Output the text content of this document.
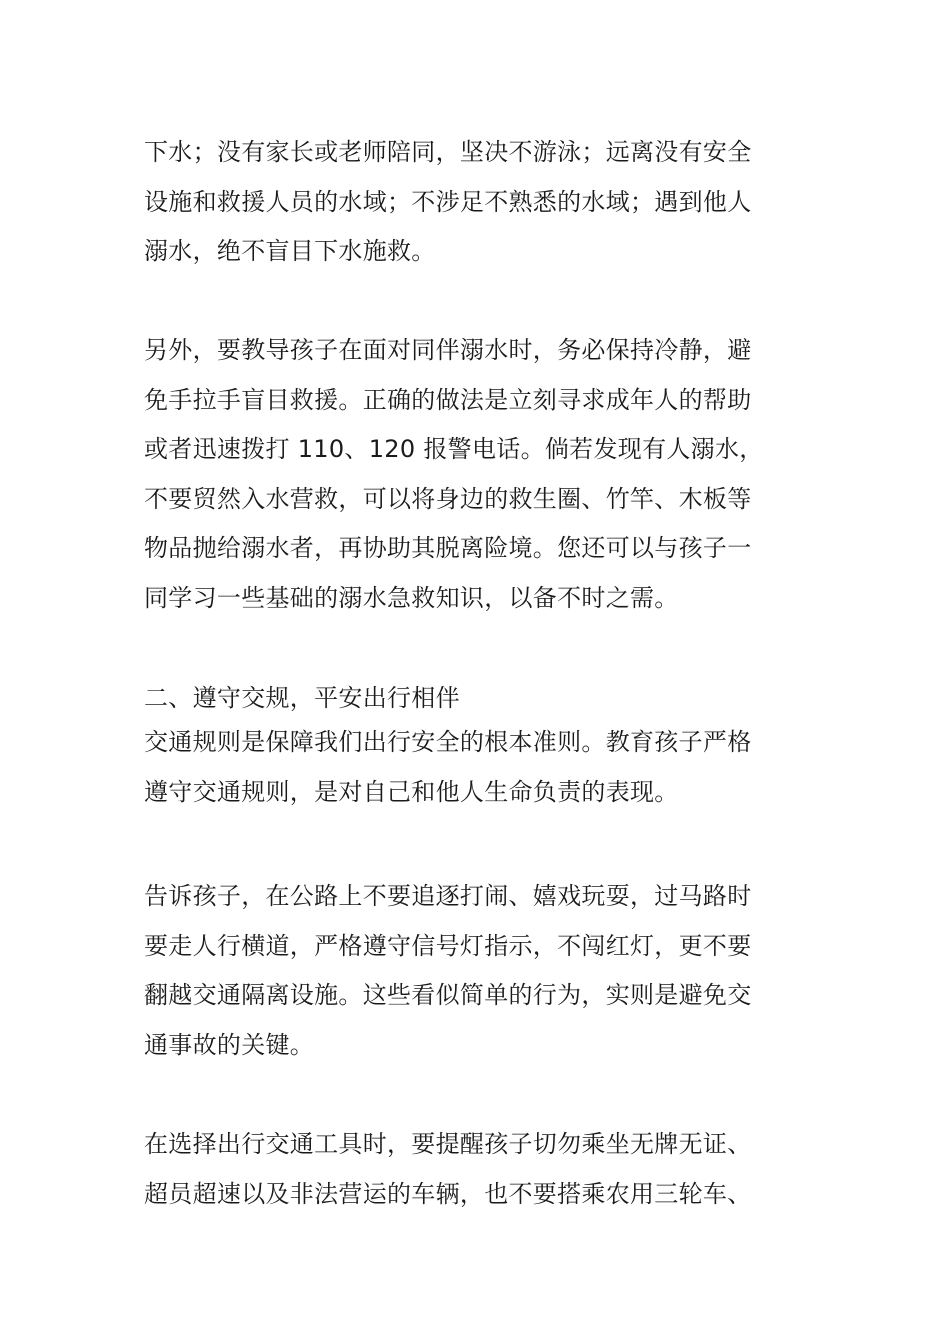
下水；没有家长或老师陪同，坚决不游泳；远离没有安全
设施和救援人员的水域；不涉足不熟悉的水域；遇到他人
溺水，绝不盲目下水施救。
另外，要教导孩子在面对同伴溺水时，务必保持冷静，避
免手拉手盲目救援。正确的做法是立刻寻求成年人的帮助
或者迅速拨打 110、120 报警电话。倘若发现有人溺水，
不要贸然入水营救，可以将身边的救生圈、竹竿、木板等
物品抛给溺水者，再协助其脱离险境。您还可以与孩子一
同学习一些基础的溺水急救知识，以备不时之需。
二、遵守交规，平安出行相伴
交通规则是保障我们出行安全的根本准则。教育孩子严格
遵守交通规则，是对自己和他人生命负责的表现。
告诉孩子，在公路上不要追逐打闹、嬉戏玩耍，过马路时
要走人行横道，严格遵守信号灯指示，不闯红灯，更不要
翻越交通隔离设施。这些看似简单的行为，实则是避免交
通事故的关键。
在选择出行交通工具时，要提醒孩子切勿乘坐无牌无证、
超员超速以及非法营运的车辆，也不要搭乘农用三轮车、
